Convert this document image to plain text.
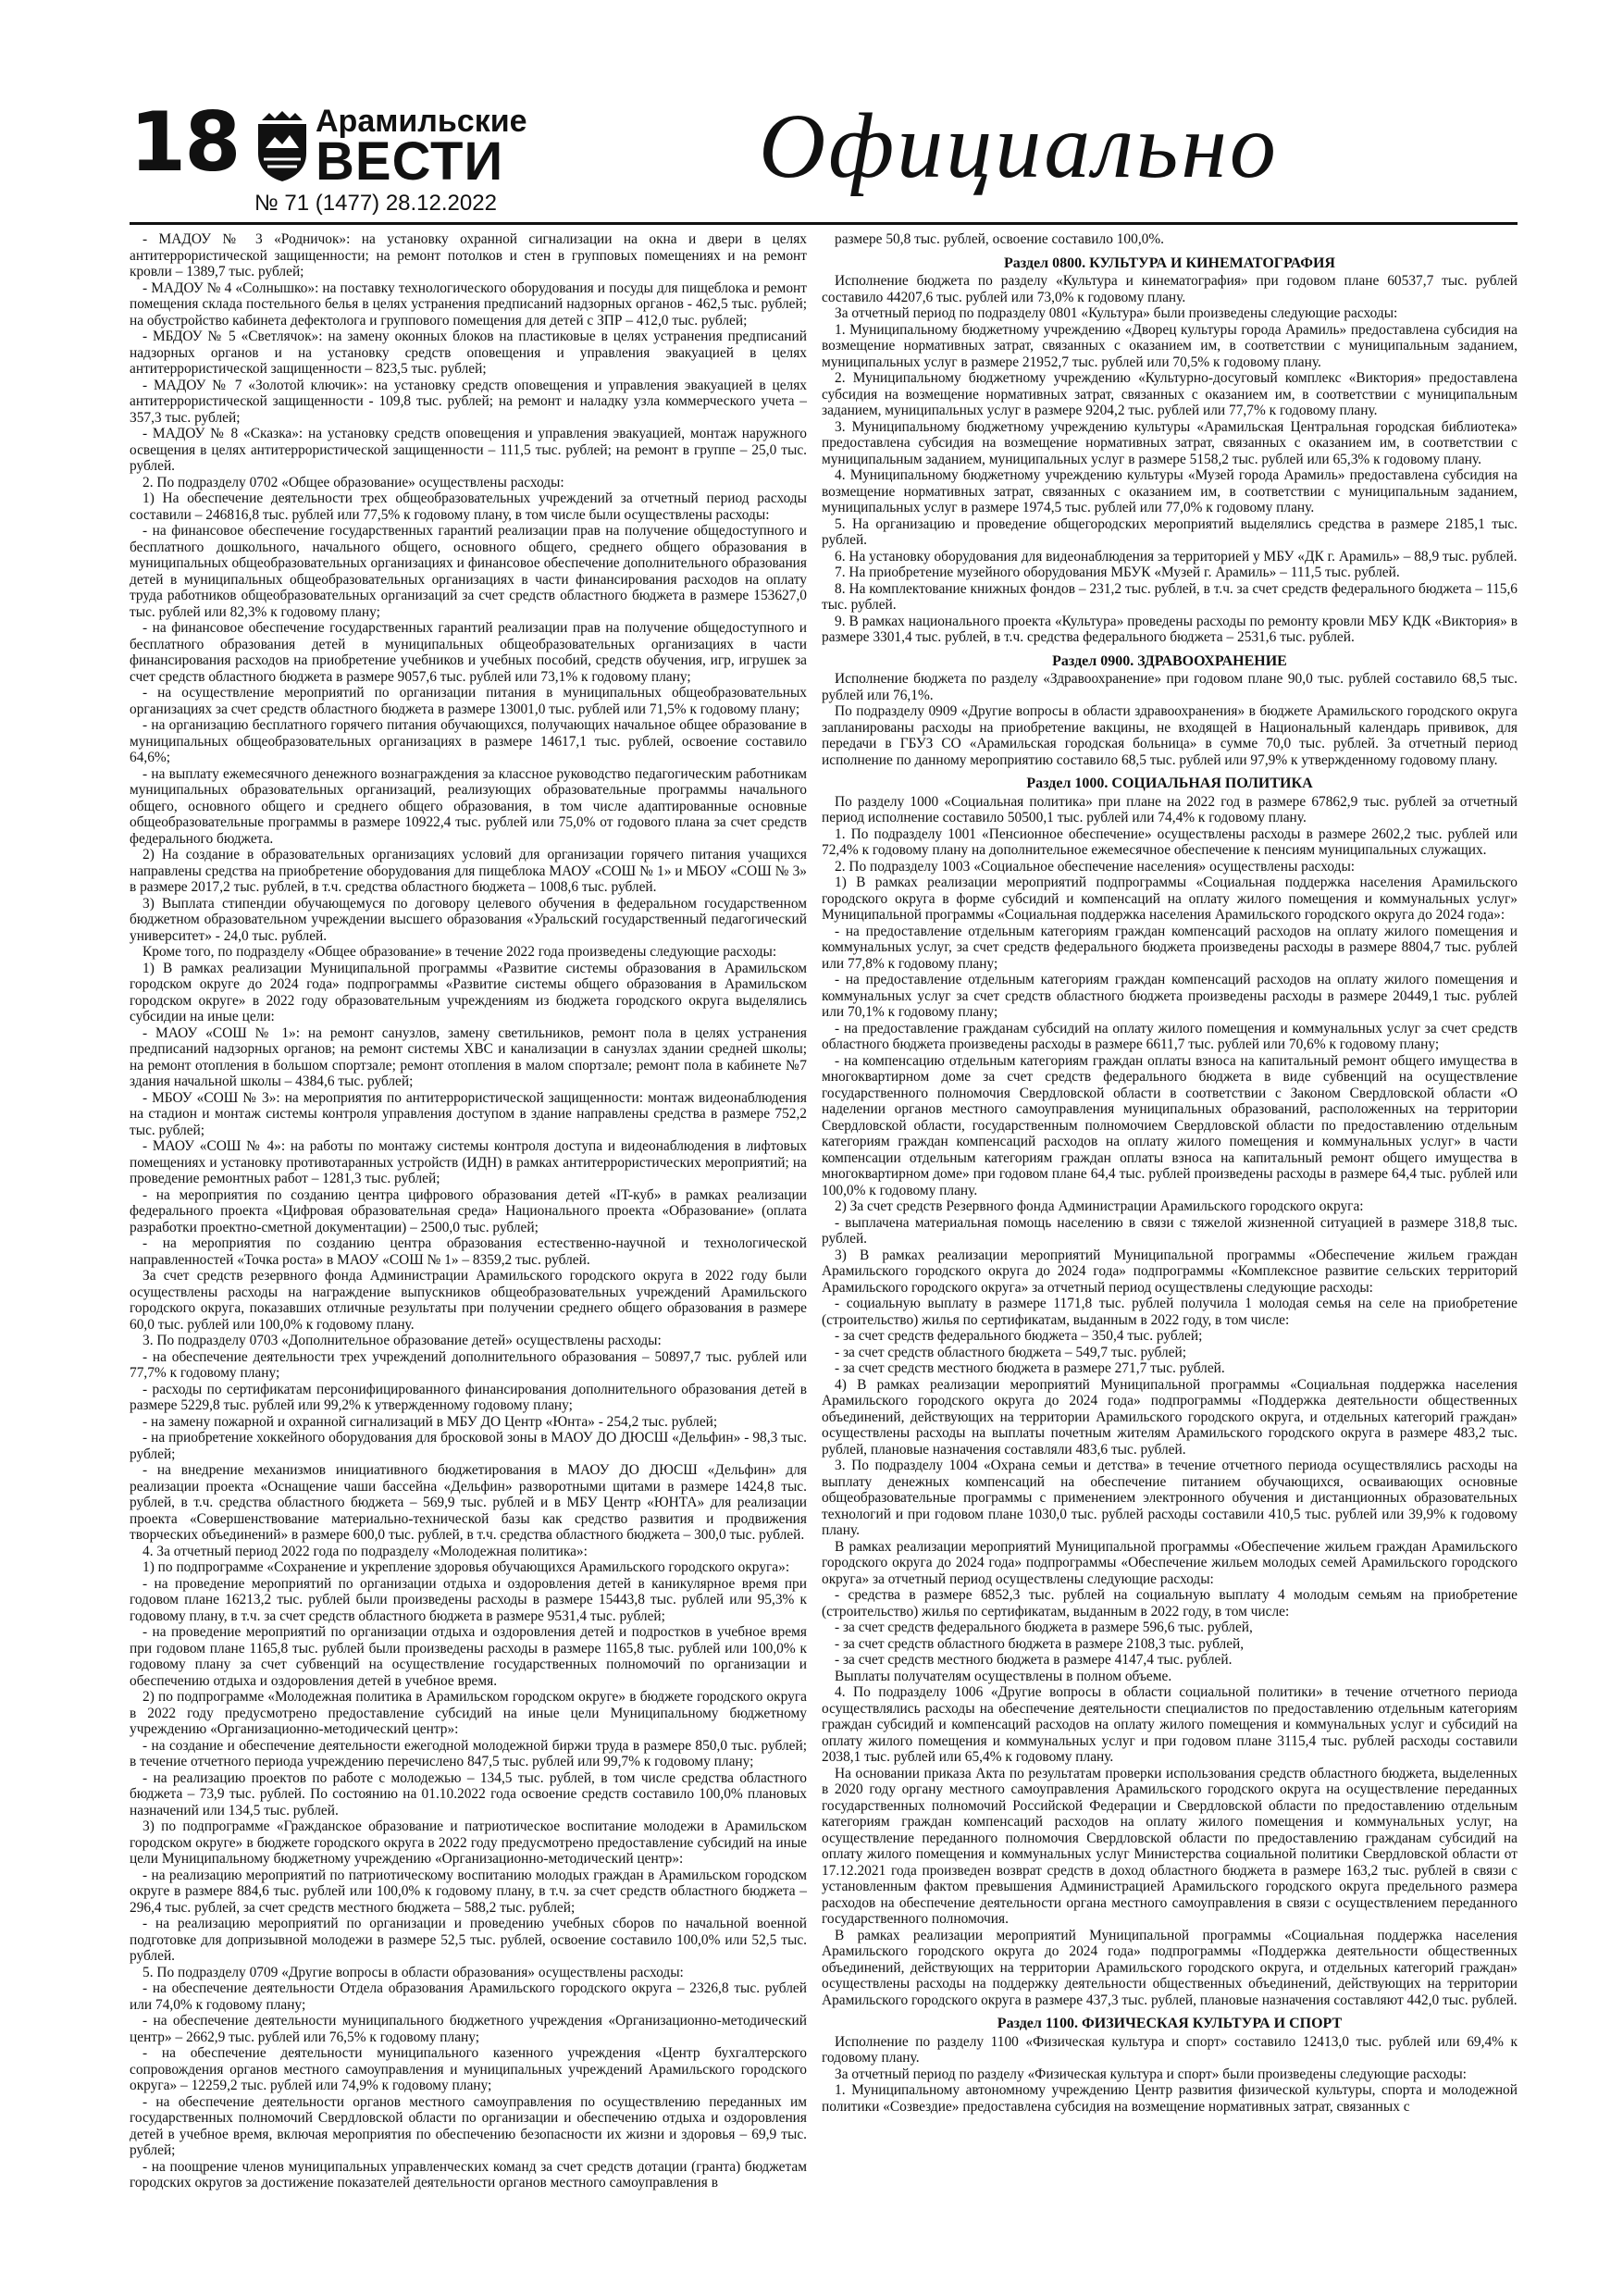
18 Арамильские
ВЕСТИ
№ 71 (1477) 28.12.2022
Официально

- МАДОУ № 3 «Родничок»: на установку охранной сигнализации на окна и двери в целях антитеррористической защищенности; на ремонт потолков и стен в групповых помещениях и на ремонт кровли – 1389,7 тыс. рублей;

- МАДОУ № 4 «Солнышко»: на поставку технологического оборудования и посуды для пищеблока и ремонт помещения склада постельного белья в целях устранения предписаний надзорных органов - 462,5 тыс. рублей; на обустройство кабинета дефектолога и группового помещения для детей с ЗПР – 412,0 тыс. рублей;

- МБДОУ № 5 «Светлячок»: на замену оконных блоков на пластиковые в целях устранения предписаний надзорных органов и на установку средств оповещения и управления эвакуацией в целях антитеррористической защищенности – 823,5 тыс. рублей;

- МАДОУ № 7 «Золотой ключик»: на установку средств оповещения и управления эвакуацией в целях антитеррористической защищенности - 109,8 тыс. рублей; на ремонт и наладку узла коммерческого учета – 357,3 тыс. рублей;

- МАДОУ № 8 «Сказка»: на установку средств оповещения и управления эвакуацией, монтаж наружного освещения в целях антитеррористической защищенности – 111,5 тыс. рублей; на ремонт в группе – 25,0 тыс. рублей.

2. По подразделу 0702 «Общее образование» осуществлены расходы:

1) На обеспечение деятельности трех общеобразовательных учреждений за отчетный период расходы составили – 246816,8 тыс. рублей или 77,5% к годовому плану, в том числе были осуществлены расходы:

- на финансовое обеспечение государственных гарантий реализации прав на получение общедоступного и бесплатного дошкольного, начального общего, основного общего, среднего общего образования в муниципальных общеобразовательных организациях и финансовое обеспечение дополнительного образования детей в муниципальных общеобразовательных организациях в части финансирования расходов на оплату труда работников общеобразовательных организаций за счет средств областного бюджета в размере 153627,0 тыс. рублей или 82,3% к годовому плану;

- на финансовое обеспечение государственных гарантий реализации прав на получение общедоступного и бесплатного образования детей в муниципальных общеобразовательных организациях в части финансирования расходов на приобретение учебников и учебных пособий, средств обучения, игр, игрушек за счет средств областного бюджета в размере 9057,6 тыс. рублей или 73,1% к годовому плану;

- на осуществление мероприятий по организации питания в муниципальных общеобразовательных организациях за счет средств областного бюджета в размере 13001,0 тыс. рублей или 71,5% к годовому плану;

- на организацию бесплатного горячего питания обучающихся, получающих начальное общее образование в муниципальных общеобразовательных организациях в размере 14617,1 тыс. рублей, освоение составило 64,6%;

- на выплату ежемесячного денежного вознаграждения за классное руководство педагогическим работникам муниципальных образовательных организаций, реализующих образовательные программы начального общего, основного общего и среднего общего образования, в том числе адаптированные основные общеобразовательные программы в размере 10922,4 тыс. рублей или 75,0% от годового плана за счет средств федерального бюджета.

2) На создание в образовательных организациях условий для организации горячего питания учащихся направлены средства на приобретение оборудования для пищеблока МАОУ «СОШ № 1» и МБОУ «СОШ № 3» в размере 2017,2 тыс. рублей, в т.ч. средства областного бюджета – 1008,6 тыс. рублей.

3) Выплата стипендии обучающемуся по договору целевого обучения в федеральном государственном бюджетном образовательном учреждении высшего образования «Уральский государственный педагогический университет» - 24,0 тыс. рублей.

Кроме того, по подразделу «Общее образование» в течение 2022 года произведены следующие расходы:

1) В рамках реализации Муниципальной программы «Развитие системы образования в Арамильском городском округе до 2024 года» подпрограммы «Развитие системы общего образования в Арамильском городском округе» в 2022 году образовательным учреждениям из бюджета городского округа выделялись субсидии на иные цели:

- МАОУ «СОШ № 1»: на ремонт санузлов, замену светильников, ремонт пола в целях устранения предписаний надзорных органов; на ремонт системы ХВС и канализации в санузлах здании средней школы; на ремонт отопления в большом спортзале; ремонт отопления в малом спортзале; ремонт пола в кабинете №7 здания начальной школы – 4384,6 тыс. рублей;

- МБОУ «СОШ № 3»: на мероприятия по антитеррористической защищенности: монтаж видеонаблюдения на стадион и монтаж системы контроля управления доступом в здание направлены средства в размере 752,2 тыс. рублей;

- МАОУ «СОШ № 4»: на работы по монтажу системы контроля доступа и видеонаблюдения в лифтовых помещениях и установку противотаранных устройств (ИДН) в рамках антитеррористических мероприятий; на проведение ремонтных работ – 1281,3 тыс. рублей;

- на мероприятия по созданию центра цифрового образования детей «IT-куб» в рамках реализации федерального проекта «Цифровая образовательная среда» Национального проекта «Образование» (оплата разработки проектно-сметной документации) – 2500,0 тыс. рублей;

- на мероприятия по созданию центра образования естественно-научной и технологической направленностей «Точка роста» в МАОУ «СОШ № 1» – 8359,2 тыс. рублей.

За счет средств резервного фонда Администрации Арамильского городского округа в 2022 году были осуществлены расходы на награждение выпускников общеобразовательных учреждений Арамильского городского округа, показавших отличные результаты при получении среднего общего образования в размере 60,0 тыс. рублей или 100,0% к годовому плану.

3. По подразделу 0703 «Дополнительное образование детей» осуществлены расходы:

- на обеспечение деятельности трех учреждений дополнительного образования – 50897,7 тыс. рублей или 77,7% к годовому плану;

- расходы по сертификатам персонифицированного финансирования дополнительного образования детей в размере 5229,8 тыс. рублей или 99,2% к утвержденному годовому плану;

- на замену пожарной и охранной сигнализаций в МБУ ДО Центр «Юнта» - 254,2 тыс. рублей;

- на приобретение хоккейного оборудования для бросковой зоны в МАОУ ДО ДЮСШ «Дельфин» - 98,3 тыс. рублей;

- на внедрение механизмов инициативного бюджетирования в МАОУ ДО ДЮСШ «Дельфин» для реализации проекта «Оснащение чаши бассейна «Дельфин» разворотными щитами в размере 1424,8 тыс. рублей, в т.ч. средства областного бюджета – 569,9 тыс. рублей и в МБУ Центр «ЮНТА» для реализации проекта «Совершенствование материально-технической базы как средство развития и продвижения творческих объединений» в размере 600,0 тыс. рублей, в т.ч. средства областного бюджета – 300,0 тыс. рублей.

4. За отчетный период 2022 года по подразделу «Молодежная политика»:

1) по подпрограмме «Сохранение и укрепление здоровья обучающихся Арамильского городского округа»:

- на проведение мероприятий по организации отдыха и оздоровления детей в каникулярное время при годовом плане 16213,2 тыс. рублей были произведены расходы в размере 15443,8 тыс. рублей или 95,3% к годовому плану, в т.ч. за счет средств областного бюджета в размере 9531,4 тыс. рублей;

- на проведение мероприятий по организации отдыха и оздоровления детей и подростков в учебное время при годовом плане 1165,8 тыс. рублей были произведены расходы в размере 1165,8 тыс. рублей или 100,0% к годовому плану за счет субвенций на осуществление государственных полномочий по организации и обеспечению отдыха и оздоровления детей в учебное время.

2) по подпрограмме «Молодежная политика в Арамильском городском округе» в бюджете городского округа в 2022 году предусмотрено предоставление субсидий на иные цели Муниципальному бюджетному учреждению «Организационно-методический центр»:

- на создание и обеспечение деятельности ежегодной молодежной биржи труда в размере 850,0 тыс. рублей; в течение отчетного периода учреждению перечислено 847,5 тыс. рублей или 99,7% к годовому плану;

- на реализацию проектов по работе с молодежью – 134,5 тыс. рублей, в том числе средства областного бюджета – 73,9 тыс. рублей. По состоянию на 01.10.2022 года освоение средств составило 100,0% плановых назначений или 134,5 тыс. рублей.

3) по подпрограмме «Гражданское образование и патриотическое воспитание молодежи в Арамильском городском округе» в бюджете городского округа в 2022 году предусмотрено предоставление субсидий на иные цели Муниципальному бюджетному учреждению «Организационно-методический центр»:

- на реализацию мероприятий по патриотическому воспитанию молодых граждан в Арамильском городском округе в размере 884,6 тыс. рублей или 100,0% к годовому плану, в т.ч. за счет средств областного бюджета – 296,4 тыс. рублей, за счет средств местного бюджета – 588,2 тыс. рублей;

- на реализацию мероприятий по организации и проведению учебных сборов по начальной военной подготовке для допризывной молодежи в размере 52,5 тыс. рублей, освоение составило 100,0% или 52,5 тыс. рублей.

5. По подразделу 0709 «Другие вопросы в области образования» осуществлены расходы:

- на обеспечение деятельности Отдела образования Арамильского городского округа – 2326,8 тыс. рублей или 74,0% к годовому плану;

- на обеспечение деятельности муниципального бюджетного учреждения «Организационно-методический центр» – 2662,9 тыс. рублей или 76,5% к годовому плану;

- на обеспечение деятельности муниципального казенного учреждения «Центр бухгалтерского сопровождения органов местного самоуправления и муниципальных учреждений Арамильского городского округа» – 12259,2 тыс. рублей или 74,9% к годовому плану;

- на обеспечение деятельности органов местного самоуправления по осуществлению переданных им государственных полномочий Свердловской области по организации и обеспечению отдыха и оздоровления детей в учебное время, включая мероприятия по обеспечению безопасности их жизни и здоровья – 69,9 тыс. рублей;

- на поощрение членов муниципальных управленческих команд за счет средств дотации (гранта) бюджетам городских округов за достижение показателей деятельности органов местного самоуправления в

размере 50,8 тыс. рублей, освоение составило 100,0%.

Раздел 0800. КУЛЬТУРА И КИНЕМАТОГРАФИЯ

Исполнение бюджета по разделу «Культура и кинематография» при годовом плане 60537,7 тыс. рублей составило 44207,6 тыс. рублей или 73,0% к годовому плану.

За отчетный период по подразделу 0801 «Культура» были произведены следующие расходы:

1. Муниципальному бюджетному учреждению «Дворец культуры города Арамиль» предоставлена субсидия на возмещение нормативных затрат, связанных с оказанием им, в соответствии с муниципальным заданием, муниципальных услуг в размере 21952,7 тыс. рублей или 70,5% к годовому плану.

2. Муниципальному бюджетному учреждению «Культурно-досуговый комплекс «Виктория» предоставлена субсидия на возмещение нормативных затрат, связанных с оказанием им, в соответствии с муниципальным заданием, муниципальных услуг в размере 9204,2 тыс. рублей или 77,7% к годовому плану.

3. Муниципальному бюджетному учреждению культуры «Арамильская Центральная городская библиотека» предоставлена субсидия на возмещение нормативных затрат, связанных с оказанием им, в соответствии с муниципальным заданием, муниципальных услуг в размере 5158,2 тыс. рублей или 65,3% к годовому плану.

4. Муниципальному бюджетному учреждению культуры «Музей города Арамиль» предоставлена субсидия на возмещение нормативных затрат, связанных с оказанием им, в соответствии с муниципальным заданием, муниципальных услуг в размере 1974,5 тыс. рублей или 77,0% к годовому плану.

5. На организацию и проведение общегородских мероприятий выделялись средства в размере 2185,1 тыс. рублей.

6. На установку оборудования для видеонаблюдения за территорией у МБУ «ДК г. Арамиль» – 88,9 тыс. рублей.

7. На приобретение музейного оборудования МБУК «Музей г. Арамиль» – 111,5 тыс. рублей.

8. На комплектование книжных фондов – 231,2 тыс. рублей, в т.ч. за счет средств федерального бюджета – 115,6 тыс. рублей.

9. В рамках национального проекта «Культура» проведены расходы по ремонту кровли МБУ КДК «Виктория» в размере 3301,4 тыс. рублей, в т.ч. средства федерального бюджета – 2531,6 тыс. рублей.

Раздел 0900. ЗДРАВООХРАНЕНИЕ

Исполнение бюджета по разделу «Здравоохранение» при годовом плане 90,0 тыс. рублей составило 68,5 тыс. рублей или 76,1%.

По подразделу 0909 «Другие вопросы в области здравоохранения» в бюджете Арамильского городского округа запланированы расходы на приобретение вакцины, не входящей в Национальный календарь прививок, для передачи в ГБУЗ СО «Арамильская городская больница» в сумме 70,0 тыс. рублей. За отчетный период исполнение по данному мероприятию составило 68,5 тыс. рублей или 97,9% к утвержденному годовому плану.

Раздел 1000. СОЦИАЛЬНАЯ ПОЛИТИКА

По разделу 1000 «Социальная политика» при плане на 2022 год в размере 67862,9 тыс. рублей за отчетный период исполнение составило 50500,1 тыс. рублей или 74,4% к годовому плану.

1. По подразделу 1001 «Пенсионное обеспечение» осуществлены расходы в размере 2602,2 тыс. рублей или 72,4% к годовому плану на дополнительное ежемесячное обеспечение к пенсиям муниципальных служащих.

2. По подразделу 1003 «Социальное обеспечение населения» осуществлены расходы:

1) В рамках реализации мероприятий подпрограммы «Социальная поддержка населения Арамильского городского округа в форме субсидий и компенсаций на оплату жилого помещения и коммунальных услуг» Муниципальной программы «Социальная поддержка населения Арамильского городского округа до 2024 года»:

- на предоставление отдельным категориям граждан компенсаций расходов на оплату жилого помещения и коммунальных услуг, за счет средств федерального бюджета произведены расходы в размере 8804,7 тыс. рублей или 77,8% к годовому плану;

- на предоставление отдельным категориям граждан компенсаций расходов на оплату жилого помещения и коммунальных услуг за счет средств областного бюджета произведены расходы в размере 20449,1 тыс. рублей или 70,1% к годовому плану;

- на предоставление гражданам субсидий на оплату жилого помещения и коммунальных услуг за счет средств областного бюджета произведены расходы в размере 6611,7 тыс. рублей или 70,6% к годовому плану;

- на компенсацию отдельным категориям граждан оплаты взноса на капитальный ремонт общего имущества в многоквартирном доме за счет средств федерального бюджета в виде субвенций на осуществление государственного полномочия Свердловской области в соответствии с Законом Свердловской области «О наделении органов местного самоуправления муниципальных образований, расположенных на территории Свердловской области, государственным полномочием Свердловской области по предоставлению отдельным категориям граждан компенсаций расходов на оплату жилого помещения и коммунальных услуг» в части компенсации отдельным категориям граждан оплаты взноса на капитальный ремонт общего имущества в многоквартирном доме» при годовом плане 64,4 тыс. рублей произведены расходы в размере 64,4 тыс. рублей или 100,0% к годовому плану.

2) За счет средств Резервного фонда Администрации Арамильского городского округа:

- выплачена материальная помощь населению в связи с тяжелой жизненной ситуацией в размере 318,8 тыс. рублей.

3) В рамках реализации мероприятий Муниципальной программы «Обеспечение жильем граждан Арамильского городского округа до 2024 года» подпрограммы «Комплексное развитие сельских территорий Арамильского городского округа» за отчетный период осуществлены следующие расходы:

- социальную выплату в размере 1171,8 тыс. рублей получила 1 молодая семья на селе на приобретение (строительство) жилья по сертификатам, выданным в 2022 году, в том числе:

- за счет средств федерального бюджета – 350,4 тыс. рублей;

- за счет средств областного бюджета – 549,7 тыс. рублей;

- за счет средств местного бюджета в размере 271,7 тыс. рублей.

4) В рамках реализации мероприятий Муниципальной программы «Социальная поддержка населения Арамильского городского округа до 2024 года» подпрограммы «Поддержка деятельности общественных объединений, действующих на территории Арамильского городского округа, и отдельных категорий граждан» осуществлены расходы на выплаты почетным жителям Арамильского городского округа в размере 483,2 тыс. рублей, плановые назначения составляли 483,6 тыс. рублей.

3. По подразделу 1004 «Охрана семьи и детства» в течение отчетного периода осуществлялись расходы на выплату денежных компенсаций на обеспечение питанием обучающихся, осваивающих основные общеобразовательные программы с применением электронного обучения и дистанционных образовательных технологий и при годовом плане 1030,0 тыс. рублей расходы составили 410,5 тыс. рублей или 39,9% к годовому плану.

В рамках реализации мероприятий Муниципальной программы «Обеспечение жильем граждан Арамильского городского округа до 2024 года» подпрограммы «Обеспечение жильем молодых семей Арамильского городского округа» за отчетный период осуществлены следующие расходы:

- средства в размере 6852,3 тыс. рублей на социальную выплату 4 молодым семьям на приобретение (строительство) жилья по сертификатам, выданным в 2022 году, в том числе:

- за счет средств федерального бюджета в размере 596,6 тыс. рублей,

- за счет средств областного бюджета в размере 2108,3 тыс. рублей,

- за счет средств местного бюджета в размере 4147,4 тыс. рублей.

Выплаты получателям осуществлены в полном объеме.

4. По подразделу 1006 «Другие вопросы в области социальной политики» в течение отчетного периода осуществлялись расходы на обеспечение деятельности специалистов по предоставлению отдельным категориям граждан субсидий и компенсаций расходов на оплату жилого помещения и коммунальных услуг и субсидий на оплату жилого помещения и коммунальных услуг и при годовом плане 3115,4 тыс. рублей расходы составили 2038,1 тыс. рублей или 65,4% к годовому плану.

На основании приказа Акта по результатам проверки использования средств областного бюджета, выделенных в 2020 году органу местного самоуправления Арамильского городского округа на осуществление переданных государственных полномочий Российской Федерации и Свердловской области по предоставлению отдельным категориям граждан компенсаций расходов на оплату жилого помещения и коммунальных услуг, на осуществление переданного полномочия Свердловской области по предоставлению гражданам субсидий на оплату жилого помещения и коммунальных услуг Министерства социальной политики Свердловской области от 17.12.2021 года произведен возврат средств в доход областного бюджета в размере 163,2 тыс. рублей в связи с установленным фактом превышения Администрацией Арамильского городского округа предельного размера расходов на обеспечение деятельности органа местного самоуправления в связи с осуществлением переданного государственного полномочия.

В рамках реализации мероприятий Муниципальной программы «Социальная поддержка населения Арамильского городского округа до 2024 года» подпрограммы «Поддержка деятельности общественных объединений, действующих на территории Арамильского городского округа, и отдельных категорий граждан» осуществлены расходы на поддержку деятельности общественных объединений, действующих на территории Арамильского городского округа в размере 437,3 тыс. рублей, плановые назначения составляют 442,0 тыс. рублей.

Раздел 1100. ФИЗИЧЕСКАЯ КУЛЬТУРА И СПОРТ

Исполнение по разделу 1100 «Физическая культура и спорт» составило 12413,0 тыс. рублей или 69,4% к годовому плану.

За отчетный период по разделу «Физическая культура и спорт» были произведены следующие расходы:

1. Муниципальному автономному учреждению Центр развития физической культуры, спорта и молодежной политики «Созвездие» предоставлена субсидия на возмещение нормативных затрат, связанных с
